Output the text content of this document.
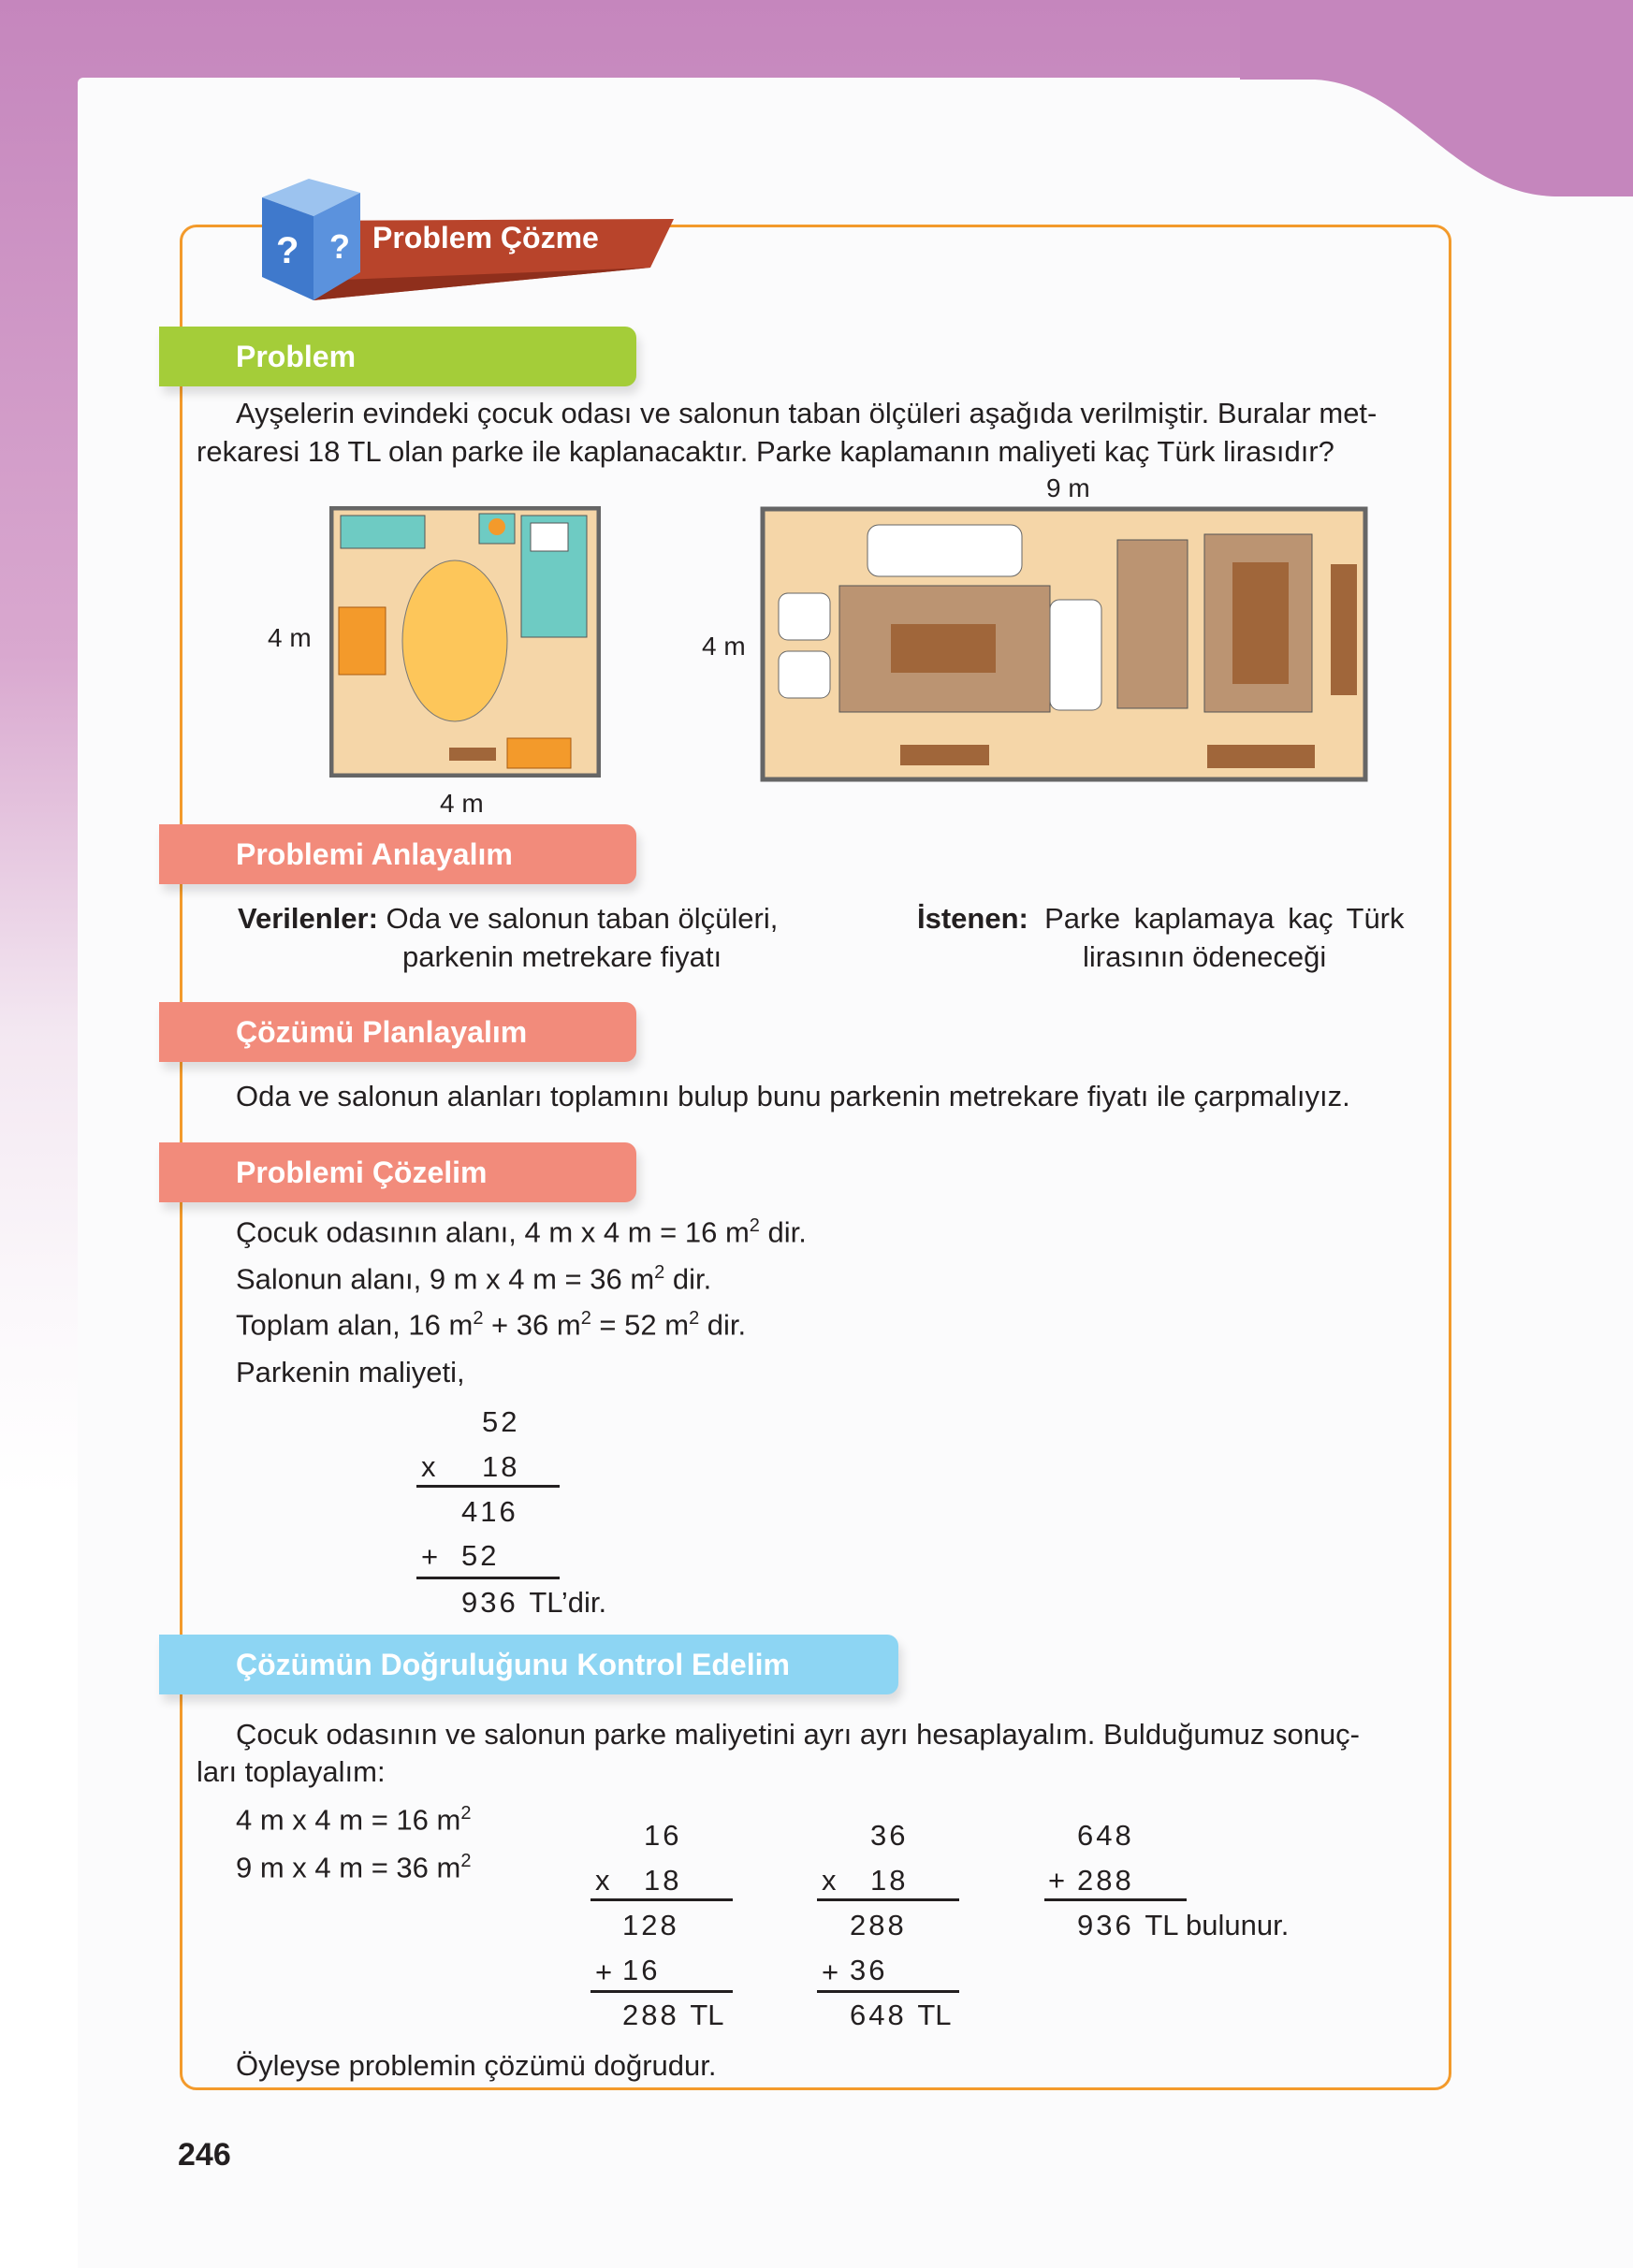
? ? Problem Çözme
Problem
Ayşelerin evindeki çocuk odası ve salonun taban ölçüleri aşağıda verilmiştir. Buralar met-
rekaresi 18 TL olan parke ile kaplanacaktır. Parke kaplamanın maliyeti kaç Türk lirasıdır?
4 m
4 m
9 m
4 m
Problemi Anlayalım
Verilenler: Oda ve salonun taban ölçüleri,
parkenin metrekare fiyatı
İstenen: Parke kaplamaya kaç Türk
lirasının ödeneceği
Çözümü Planlayalım
Oda ve salonun alanları toplamını bulup bunu parkenin metrekare fiyatı ile çarpmalıyız.
Problemi Çözelim
Çocuk odasının alanı, 4 m x 4 m = 16 $m^2$ dir.
Salonun alanı, 9 m x 4 m = 36 $m^2$ dir.
Toplam alan, 16 $m^2 + 36$ $m^2 = 52$ $m^2$ dir.
Parkenin maliyeti,
52
x 18
416
+ 52
936 TL’dir.
Çözümün Doğruluğunu Kontrol Edelim
Çocuk odasının ve salonun parke maliyetini ayrı ayrı hesaplayalım. Bulduğumuz sonuç-
ları toplayalım:
4 m x 4 m = 16 $m^2$
9 m x 4 m = 36 $m^2$
16
x 18
128
+ 16
288 TL
36
x 18
288
+ 36
648 TL
648
+ 288
936 TL bulunur.
Öyleyse problemin çözümü doğrudur.
246
